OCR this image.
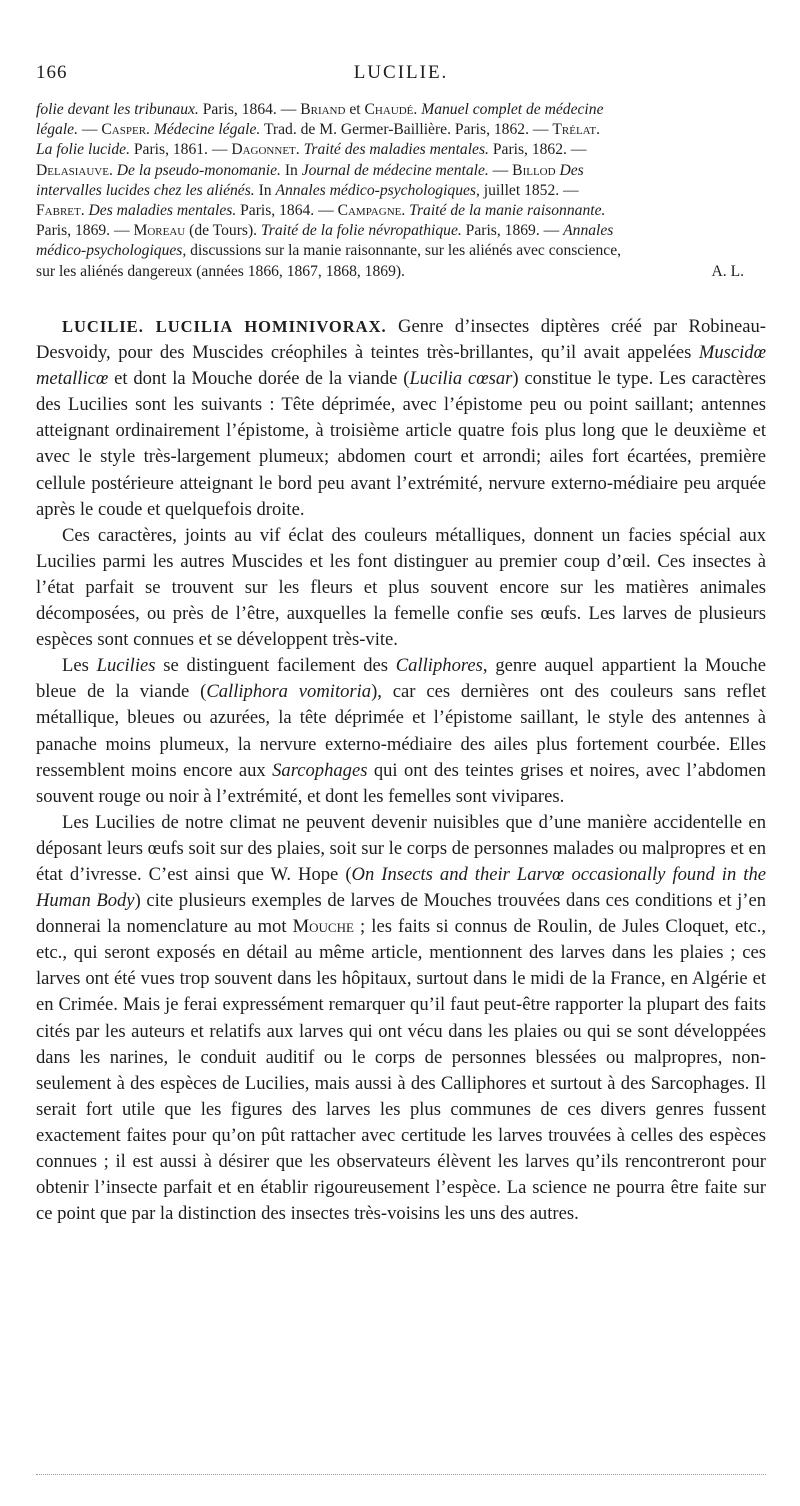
166	LUCILIE.
folie devant les tribunaux. Paris, 1864. — Briand et Chaudé. Manuel complet de médecine
légale. — Casper. Médecine légale. Trad. de M. Germer-Baillière. Paris, 1862. — Trélat.
La folie lucide. Paris, 1861. — Dagonnet. Traité des maladies mentales. Paris, 1862. —
Delasiauve. De la pseudo-monomanie. In Journal de médecine mentale. — Billod Des
intervalles lucides chez les aliénés. In Annales médico-psychologiques, juillet 1852. —
Fabret. Des maladies mentales. Paris, 1864. — Campagne. Traité de la manie raisonnante.
Paris, 1869. — Moreau (de Tours). Traité de la folie névropathique. Paris, 1869. — Annales
médico-psychologiques, discussions sur la manie raisonnante, sur les aliénés avec conscience,
sur les aliénés dangereux (années 1866, 1867, 1868, 1869).	A. L.

LUCILIE. LUCILIA HOMINIVORAX. Genre d’insectes diptères créé par Robineau-Desvoidy, pour des Muscides créophiles à teintes très-brillantes, qu’il avait appelées Muscidœ metallicœ et dont la Mouche dorée de la viande (Lucilia cœsar) constitue le type. Les caractères des Lucilies sont les suivants : Tête déprimée, avec l’épistome peu ou point saillant; antennes atteignant ordinairement l’épistome, à troisième article quatre fois plus long que le deuxième et avec le style très-largement plumeux; abdomen court et arrondi; ailes fort écartées, première cellule postérieure atteignant le bord peu avant l’extrémité, nervure externo-médiaire peu arquée après le coude et quelquefois droite.

Ces caractères, joints au vif éclat des couleurs métalliques, donnent un facies spécial aux Lucilies parmi les autres Muscides et les font distinguer au premier coup d’œil. Ces insectes à l’état parfait se trouvent sur les fleurs et plus souvent encore sur les matières animales décomposées, ou près de l’être, auxquelles la femelle confie ses œufs. Les larves de plusieurs espèces sont connues et se développent très-vite.

Les Lucilies se distinguent facilement des Calliphores, genre auquel appartient la Mouche bleue de la viande (Calliphora vomitoria), car ces dernières ont des couleurs sans reflet métallique, bleues ou azurées, la tête déprimée et l’épistome saillant, le style des antennes à panache moins plumeux, la nervure externo-médiaire des ailes plus fortement courbée. Elles ressemblent moins encore aux Sarcophages qui ont des teintes grises et noires, avec l’abdomen souvent rouge ou noir à l’extrémité, et dont les femelles sont vivipares.

Les Lucilies de notre climat ne peuvent devenir nuisibles que d’une manière accidentelle en déposant leurs œufs soit sur des plaies, soit sur le corps de personnes malades ou malpropres et en état d’ivresse. C’est ainsi que W. Hope (On Insects and their Larvœ occasionally found in the Human Body) cite plusieurs exemples de larves de Mouches trouvées dans ces conditions et j’en donnerai la nomenclature au mot Mouche ; les faits si connus de Roulin, de Jules Cloquet, etc., etc., qui seront exposés en détail au même article, mentionnent des larves dans les plaies ; ces larves ont été vues trop souvent dans les hôpitaux, surtout dans le midi de la France, en Algérie et en Crimée. Mais je ferai expressément remarquer qu’il faut peut-être rapporter la plupart des faits cités par les auteurs et relatifs aux larves qui ont vécu dans les plaies ou qui se sont développées dans les narines, le conduit auditif ou le corps de personnes blessées ou malpropres, non-seulement à des espèces de Lucilies, mais aussi à des Calliphores et surtout à des Sarcophages. Il serait fort utile que les figures des larves les plus communes de ces divers genres fussent exactement faites pour qu’on pût rattacher avec certitude les larves trouvées à celles des espèces connues ; il est aussi à désirer que les observateurs élèvent les larves qu’ils rencontreront pour obtenir l’insecte parfait et en établir rigoureusement l’espèce. La science ne pourra être faite sur ce point que par la distinction des insectes très-voisins les uns des autres.
